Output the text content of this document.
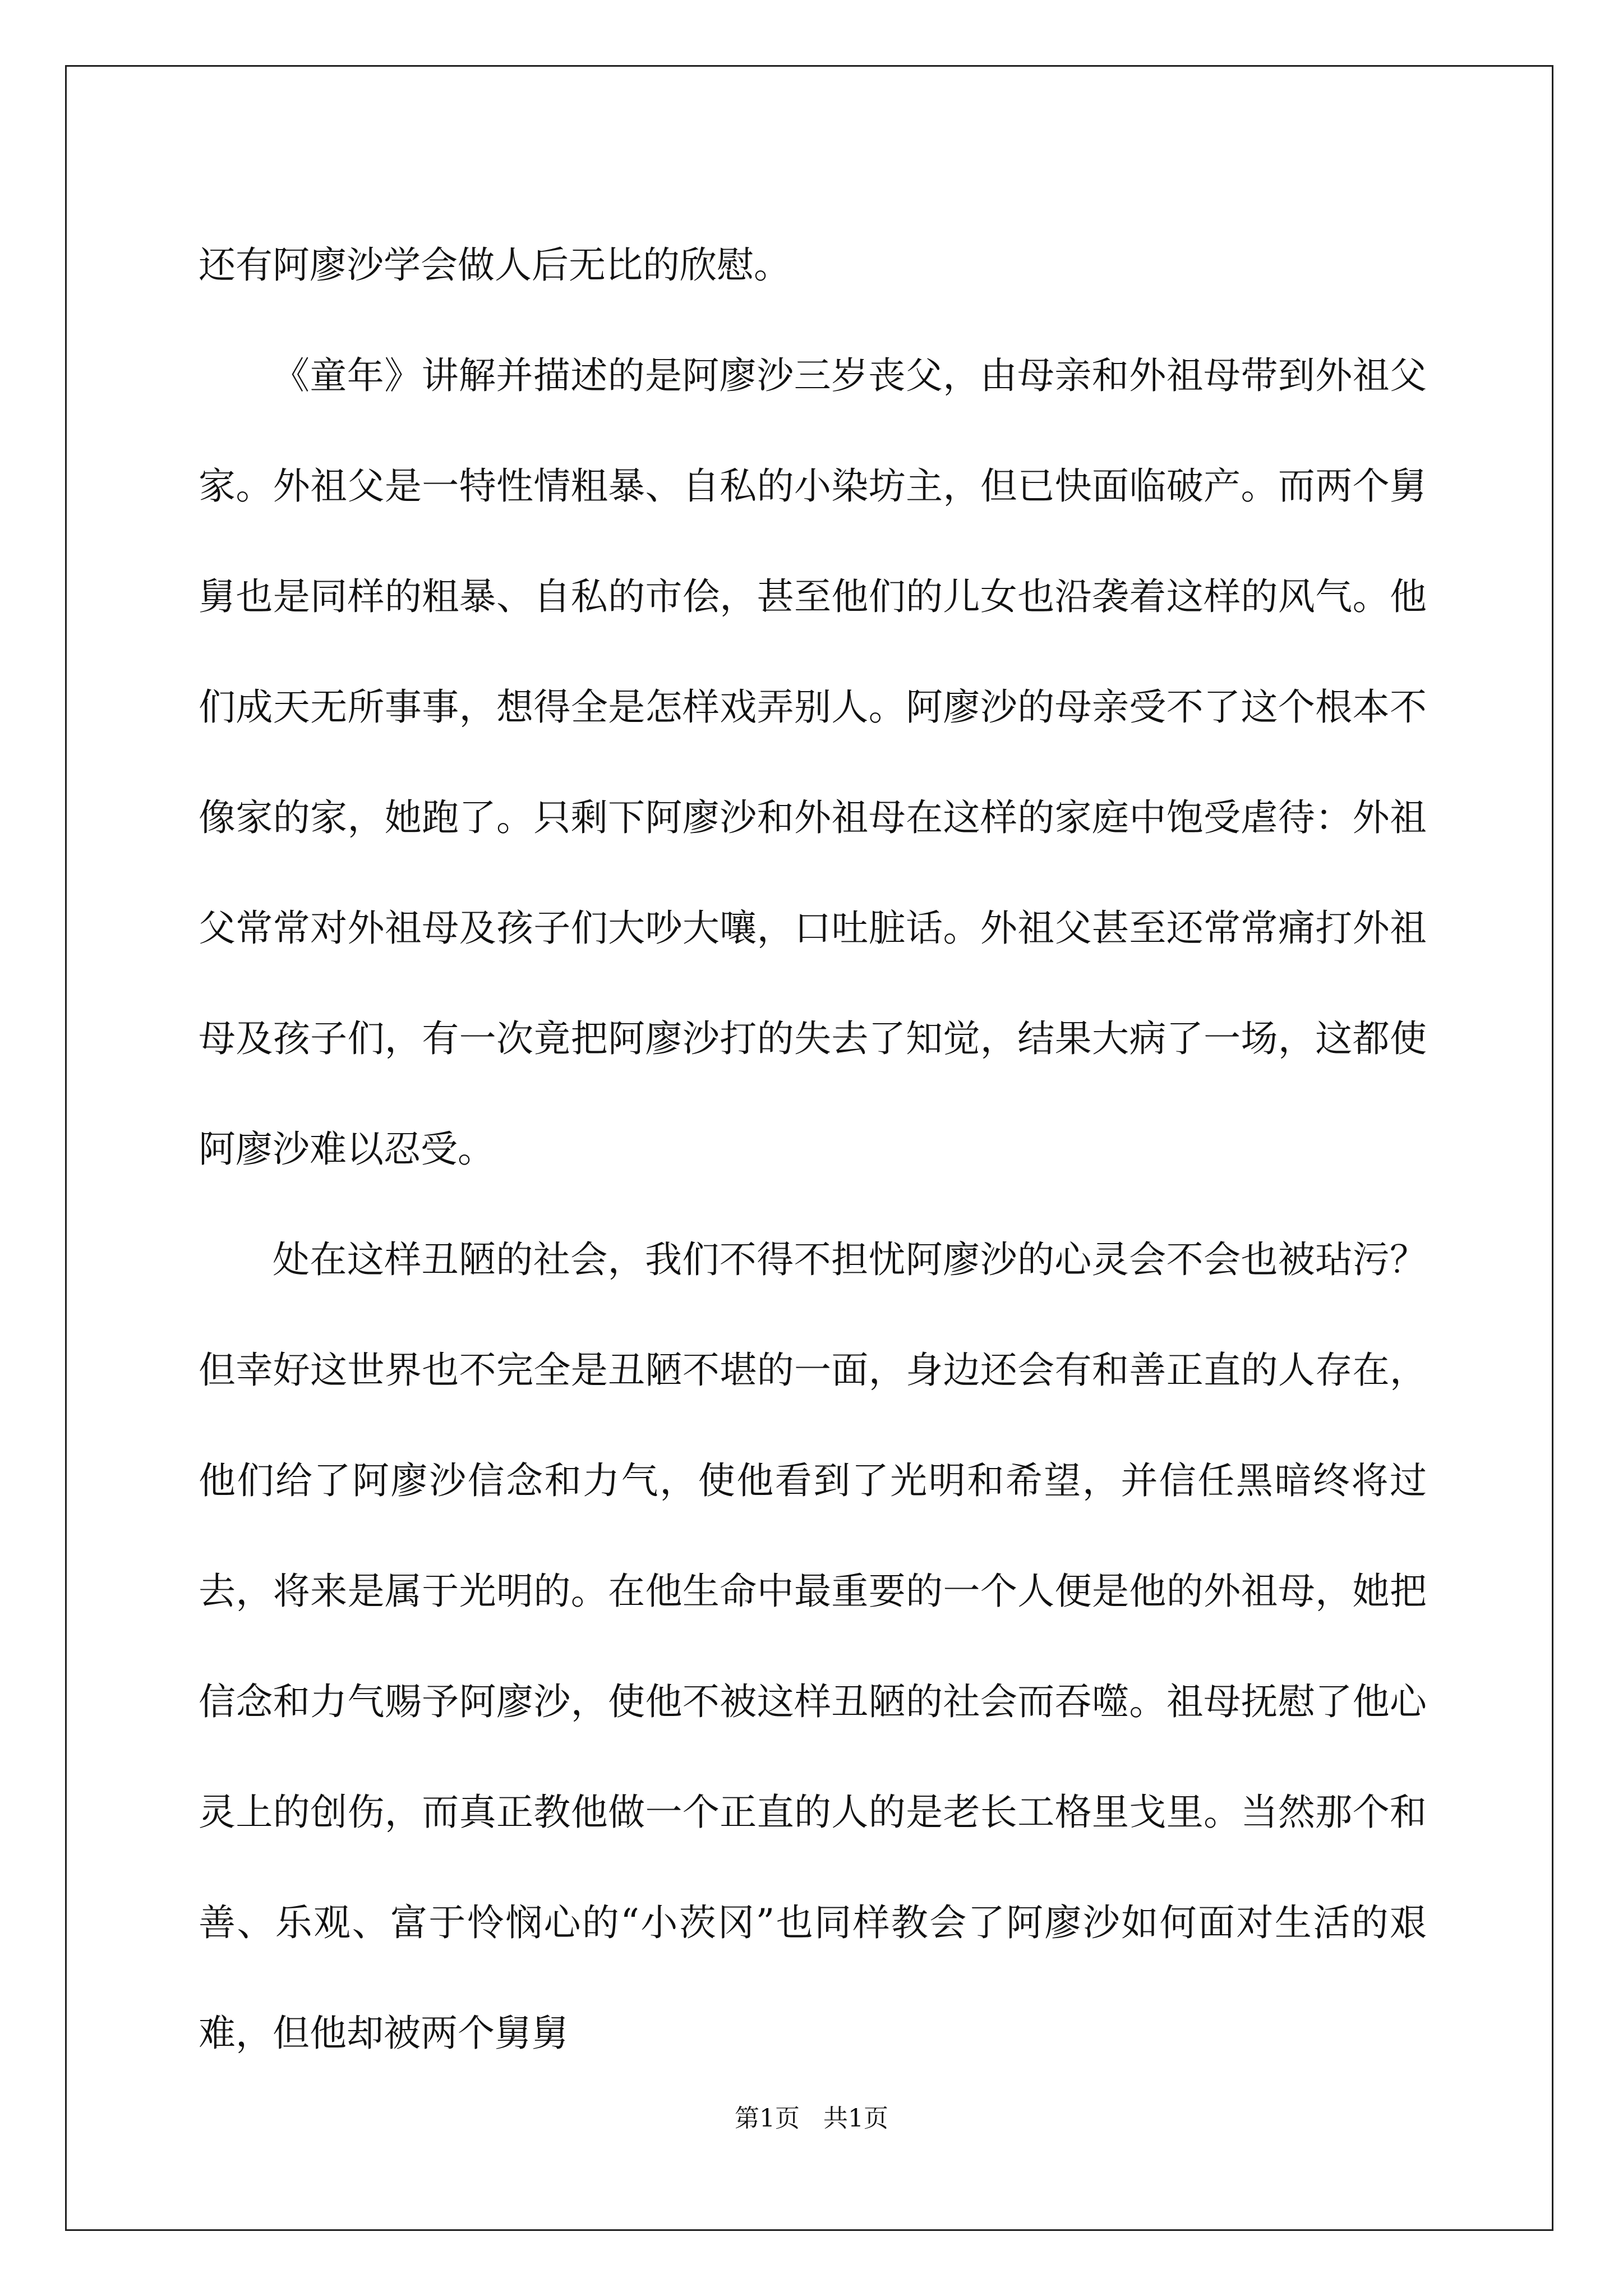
还有阿廖沙学会做人后无比的欣慰。

《童年》讲解并描述的是阿廖沙三岁丧父，由母亲和外祖母带到外祖父家。外祖父是一特性情粗暴、自私的小染坊主，但已快面临破产。而两个舅舅也是同样的粗暴、自私的市侩，甚至他们的儿女也沿袭着这样的风气。他们成天无所事事，想得全是怎样戏弄别人。阿廖沙的母亲受不了这个根本不像家的家，她跑了。只剩下阿廖沙和外祖母在这样的家庭中饱受虐待：外祖父常常对外祖母及孩子们大吵大嚷，口吐脏话。外祖父甚至还常常痛打外祖母及孩子们，有一次竟把阿廖沙打的失去了知觉，结果大病了一场，这都使阿廖沙难以忍受。

处在这样丑陋的社会，我们不得不担忧阿廖沙的心灵会不会也被玷污？但幸好这世界也不完全是丑陋不堪的一面，身边还会有和善正直的人存在，他们给了阿廖沙信念和力气，使他看到了光明和希望，并信任黑暗终将过去，将来是属于光明的。在他生命中最重要的一个人便是他的外祖母，她把信念和力气赐予阿廖沙，使他不被这样丑陋的社会而吞噬。祖母抚慰了他心灵上的创伤，而真正教他做一个正直的人的是老长工格里戈里。当然那个和善、乐观、富于怜悯心的“小茨冈”也同样教会了阿廖沙如何面对生活的艰难，但他却被两个舅舅

第1页   共1页
